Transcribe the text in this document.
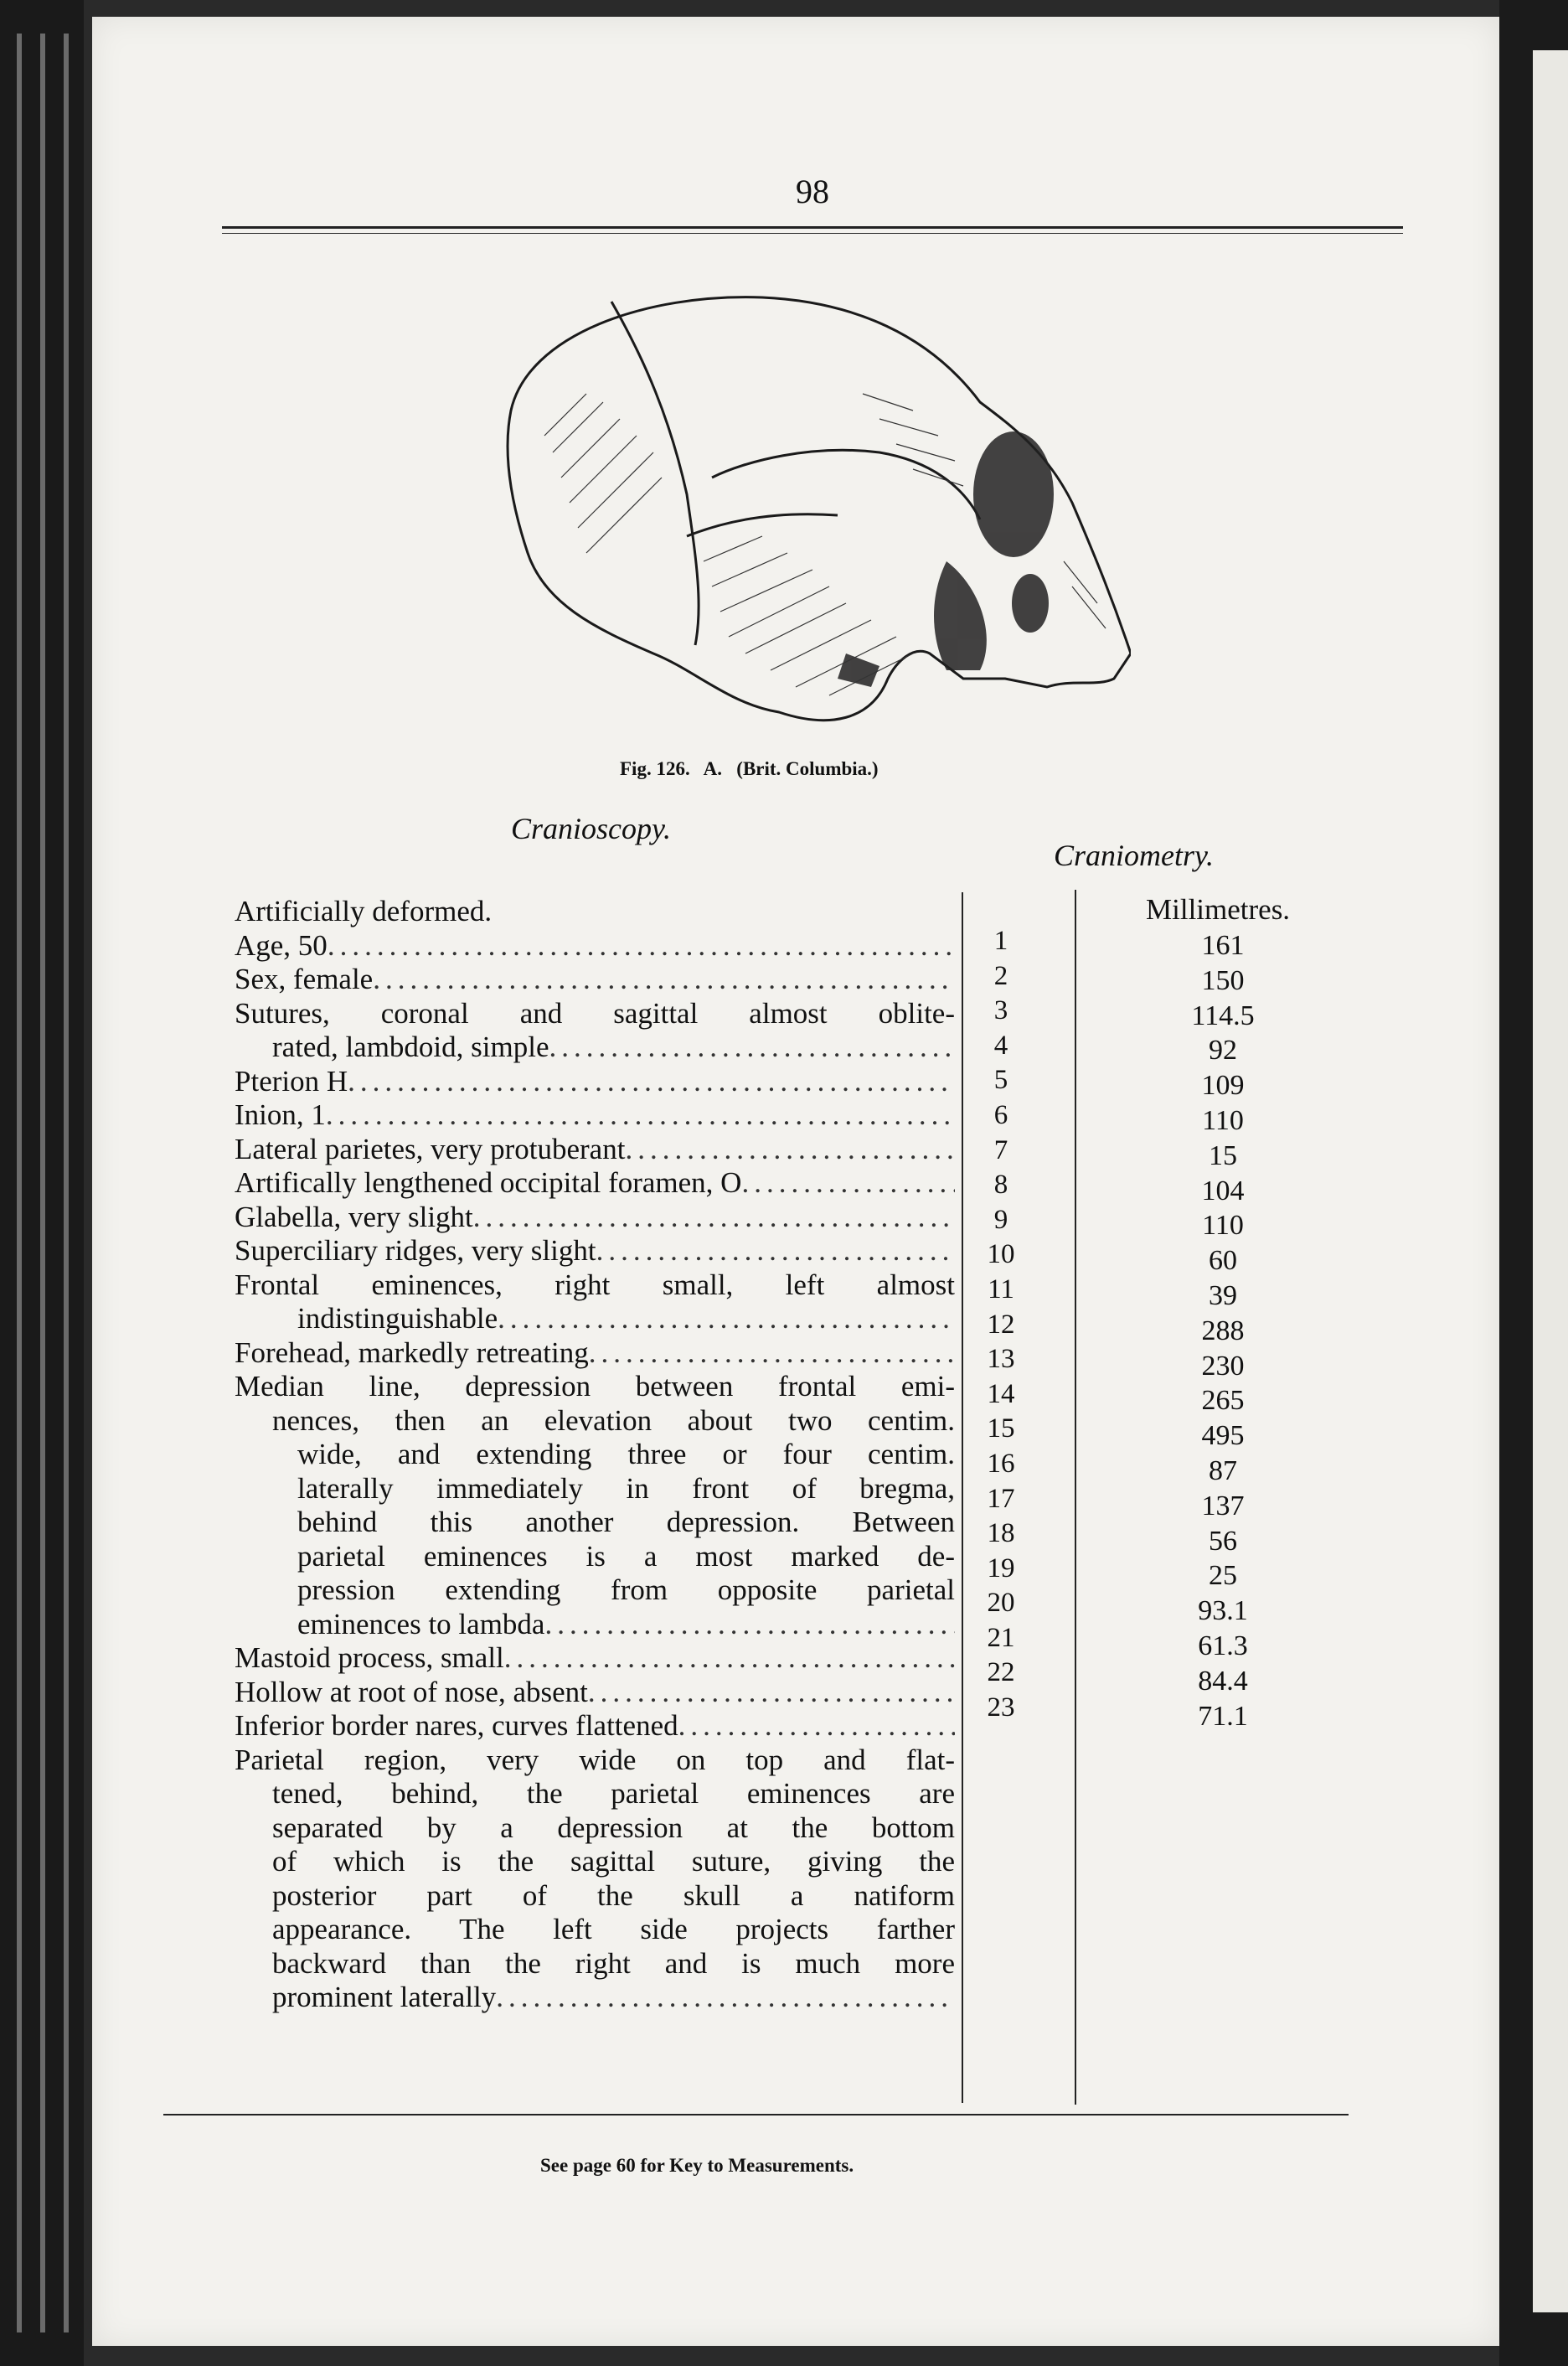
98
Fig. 126.   A.   (Brit. Columbia.)
Cranioscopy.
Craniometry.
Artificially deformed.
Age, 50
.....
Sex, female
.....
Sutures, coronal and sagittal almost oblite-
rated, lambdoid, simple
.....
Pterion H
.....
Inion, 1
.....
Lateral parietes, very protuberant
.....
Artifically lengthened occipital foramen, O
.....
Glabella, very slight
.....
Superciliary ridges, very slight
.....
Frontal eminences, right small, left almost
indistinguishable
.....
Forehead, markedly retreating
.....
Median line, depression between frontal emi-
nences, then an elevation about two centim.
wide, and extending three or four centim.
laterally immediately in front of bregma,
behind this another depression. Between
parietal eminences is a most marked de-
pression extending from opposite parietal
eminences to lambda
.....
Mastoid process, small
.....
Hollow at root of nose, absent
.....
Inferior border nares, curves flattened
.....
Parietal region, very wide on top and flat-
tened, behind, the parietal eminences are
separated by a depression at the bottom
of which is the sagittal suture, giving the
posterior part of the skull a natiform
appearance. The left side projects farther
backward than the right and is much more
prominent laterally
.....
1
2
3
4
5
6
7
8
9
10
11
12
13
14
15
16
17
18
19
20
21
22
23
Millimetres.
161
150
114.5
92
109
110
15
104
110
60
39
288
230
265
495
87
137
56
25
93.1
61.3
84.4
71.1
See page 60 for Key to Measurements.
